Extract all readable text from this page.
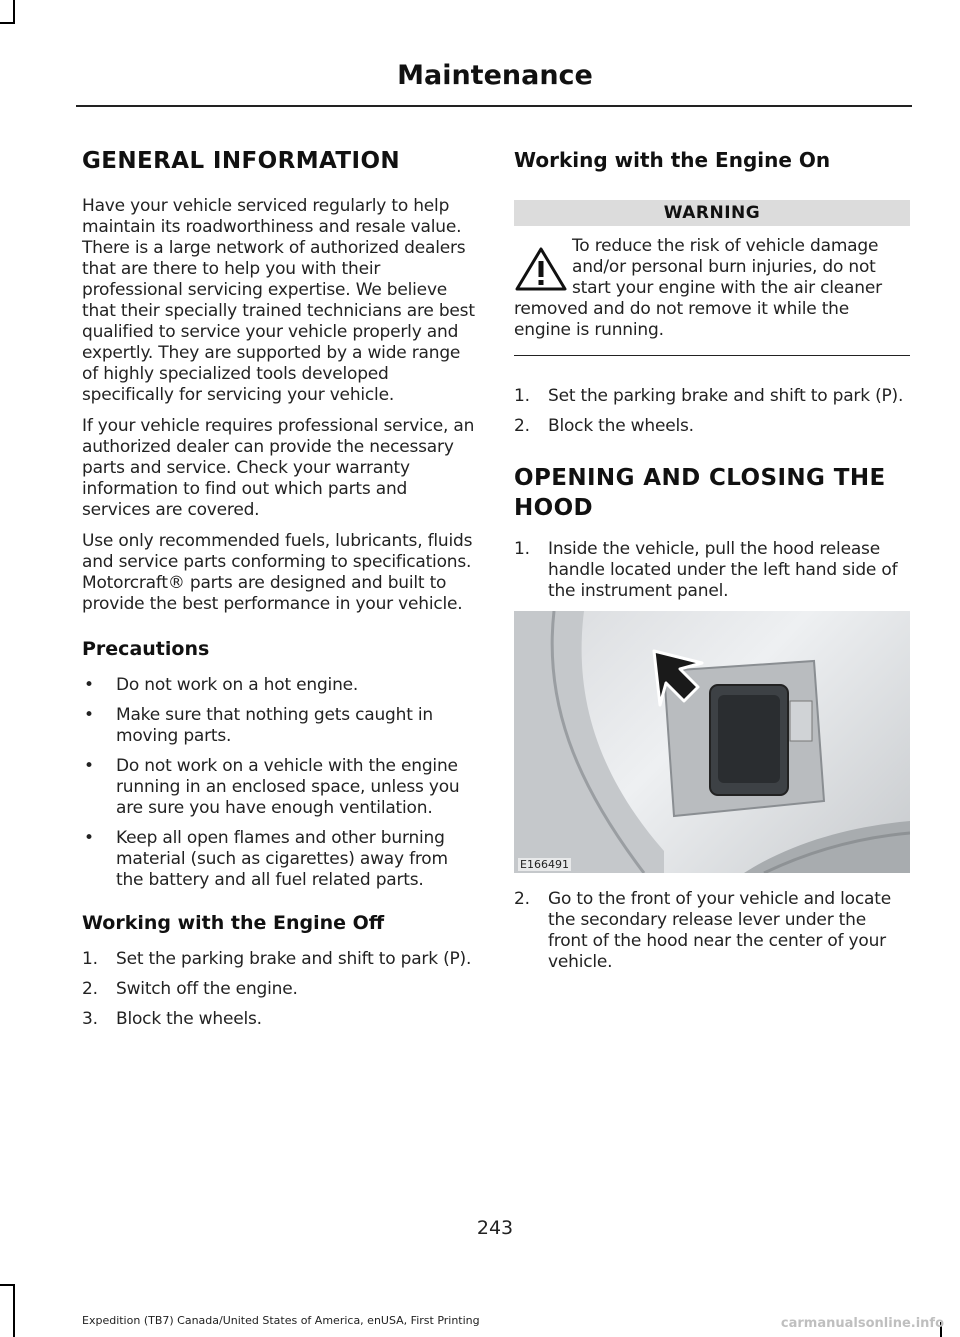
Maintenance
GENERAL INFORMATION

Have your vehicle serviced regularly to help maintain its roadworthiness and resale value. There is a large network of authorized dealers that are there to help you with their professional servicing expertise. We believe that their specially trained technicians are best qualified to service your vehicle properly and expertly. They are supported by a wide range of highly specialized tools developed specifically for servicing your vehicle.

If your vehicle requires professional service, an authorized dealer can provide the necessary parts and service. Check your warranty information to find out which parts and services are covered.

Use only recommended fuels, lubricants, fluids and service parts conforming to specifications. Motorcraft® parts are designed and built to provide the best performance in your vehicle.

Precautions
• Do not work on a hot engine.
• Make sure that nothing gets caught in moving parts.
• Do not work on a vehicle with the engine running in an enclosed space, unless you are sure you have enough ventilation.
• Keep all open flames and other burning material (such as cigarettes) away from the battery and all fuel related parts.
Working with the Engine Off
1. Set the parking brake and shift to park (P).
2. Switch off the engine.
3. Block the wheels.
Working with the Engine On
WARNING
To reduce the risk of vehicle damage and/or personal burn injuries, do not start your engine with the air cleaner removed and do not remove it while the engine is running.
1. Set the parking brake and shift to park (P).
2. Block the wheels.
OPENING AND CLOSING THE
HOOD
1. Inside the vehicle, pull the hood release handle located under the left hand side of the instrument panel.
E166491
2. Go to the front of your vehicle and locate the secondary release lever under the front of the hood near the center of your vehicle.
243
Expedition (TB7) Canada/United States of America, enUSA, First Printing	carmanualsonline.info
